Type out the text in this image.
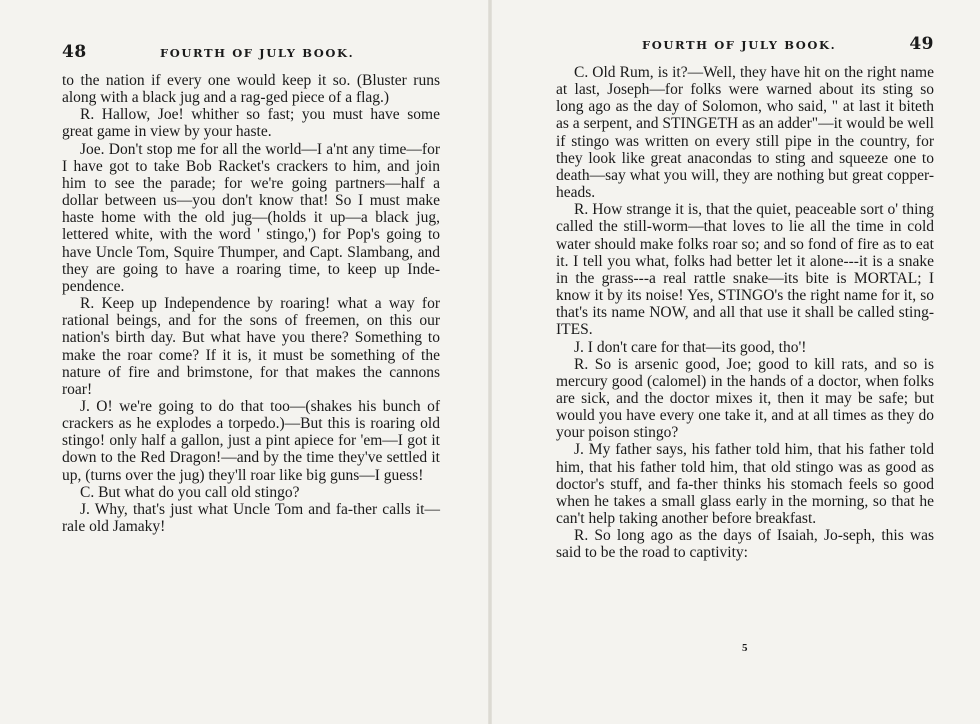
48	FOURTH OF JULY BOOK.

to the nation if every one would keep it so. (Bluster runs along with a black jug and a rag-ged piece of a flag.)

R. Hallow, Joe! whither so fast; you must have some great game in view by your haste.

Joe. Don't stop me for all the world—I a'nt any time—for I have got to take Bob Racket's crackers to him, and join him to see the parade; for we're going partners—half a dollar between us—you don't know that! So I must make haste home with the old jug—(holds it up—a black jug, lettered white, with the word ' stingo,') for Pop's going to have Uncle Tom, Squire Thumper, and Capt. Slambang, and they are going to have a roaring time, to keep up Inde-pendence.

R. Keep up Independence by roaring! what a way for rational beings, and for the sons of freemen, on this our nation's birth day. But what have you there? Something to make the roar come? If it is, it must be something of the nature of fire and brimstone, for that makes the cannons roar!

J. O! we're going to do that too—(shakes his bunch of crackers as he explodes a torpedo.)—But this is roaring old stingo! only half a gallon, just a pint apiece for 'em—I got it down to the Red Dragon!—and by the time they've settled it up, (turns over the jug) they'll roar like big guns—I guess!

C. But what do you call old stingo?

J. Why, that's just what Uncle Tom and fa-ther calls it—rale old Jamaky!

FOURTH OF JULY BOOK.	49

C. Old Rum, is it?—Well, they have hit on the right name at last, Joseph—for folks were warned about its sting so long ago as the day of Solomon, who said, " at last it biteth as a serpent, and STINGETH as an adder"—it would be well if stingo was written on every still pipe in the country, for they look like great anacondas to sting and squeeze one to death—say what you will, they are nothing but great copper-heads.

R. How strange it is, that the quiet, peaceable sort o' thing called the still-worm—that loves to lie all the time in cold water should make folks roar so; and so fond of fire as to eat it. I tell you what, folks had better let it alone---it is a snake in the grass---a real rattle snake—its bite is MORTAL; I know it by its noise! Yes, STINGO's the right name for it, so that's its name NOW, and all that use it shall be called sting-ITES.

J. I don't care for that—its good, tho'!

R. So is arsenic good, Joe; good to kill rats, and so is mercury good (calomel) in the hands of a doctor, when folks are sick, and the doctor mixes it, then it may be safe; but would you have every one take it, and at all times as they do your poison stingo?

J. My father says, his father told him, that his father told him, that his father told him, that old stingo was as good as doctor's stuff, and fa-ther thinks his stomach feels so good when he takes a small glass early in the morning, so that he can't help taking another before breakfast.

R. So long ago as the days of Isaiah, Jo-seph, this was said to be the road to captivity:

5
